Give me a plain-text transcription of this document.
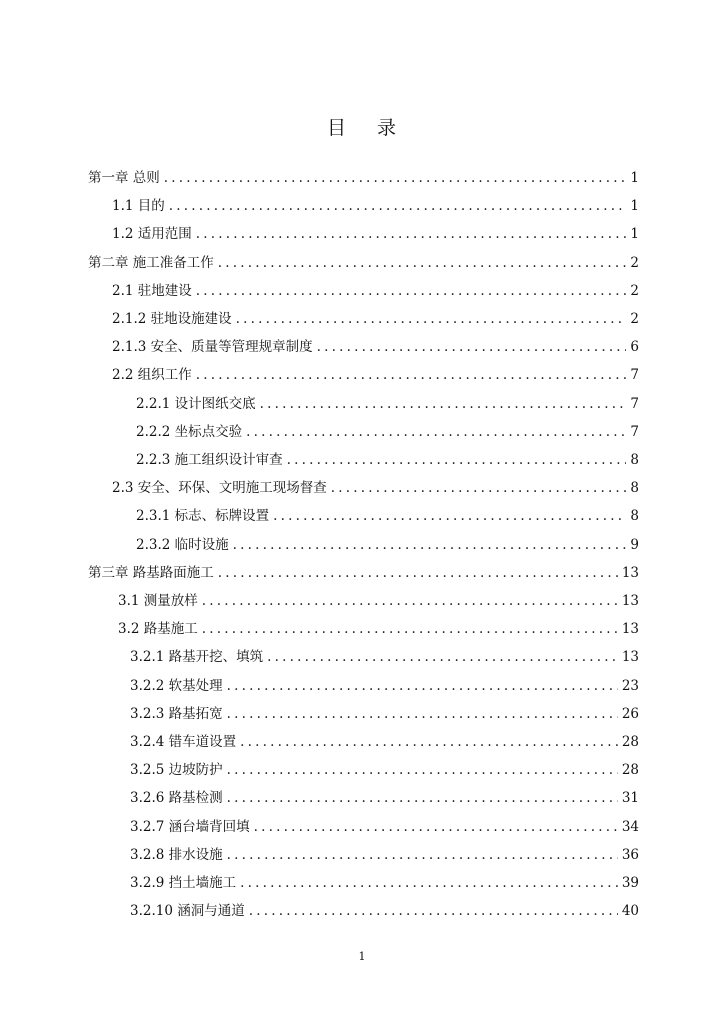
目 录
第一章 总则 .....	1
1.1 目的 .....	1
1.2 适用范围 .....	1
第二章 施工准备工作 .....	2
2.1 驻地建设 .....	2
2.1.2 驻地设施建设 .....	2
2.1.3 安全、质量等管理规章制度 .....	6
2.2 组织工作 .....	7
2.2.1 设计图纸交底 .....	7
2.2.2 坐标点交验 .....	7
2.2.3 施工组织设计审查 .....	8
2.3 安全、环保、文明施工现场督查 .....	8
2.3.1 标志、标牌设置 .....	8
2.3.2 临时设施 .....	9
第三章 路基路面施工 .....	13
3.1 测量放样 .....	13
3.2 路基施工 .....	13
3.2.1 路基开挖、填筑 .....	13
3.2.2 软基处理 .....	23
3.2.3 路基拓宽 .....	26
3.2.4 错车道设置 .....	28
3.2.5 边坡防护 .....	28
3.2.6 路基检测 .....	31
3.2.7 涵台墙背回填 .....	34
3.2.8 排水设施 .....	36
3.2.9 挡土墙施工 .....	39
3.2.10 涵洞与通道 .....	40
1
